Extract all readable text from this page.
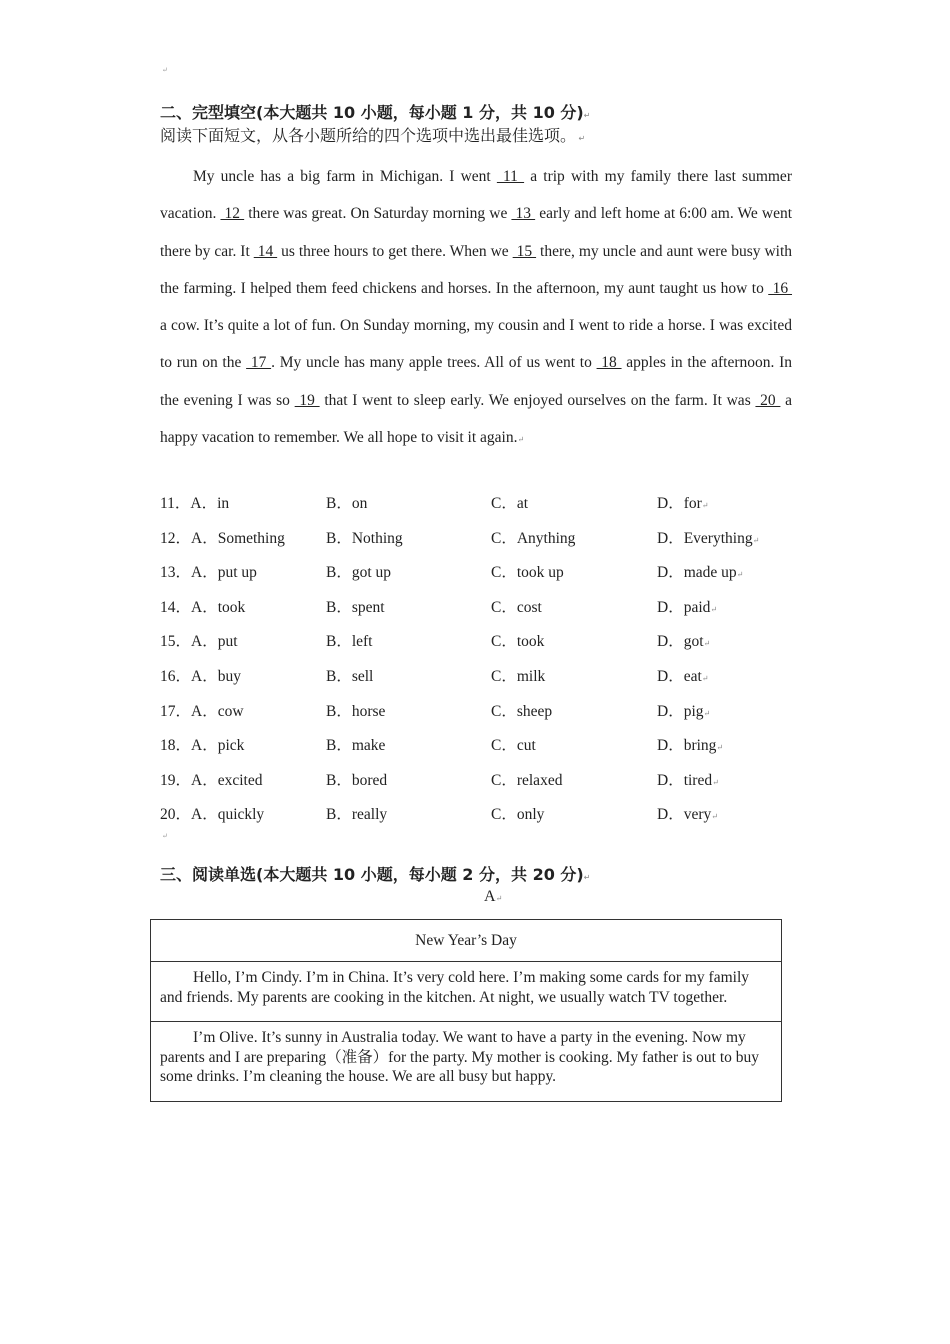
↵
二、完型填空(本大题共 10 小题，每小题 1 分，共 10 分)↵
阅读下面短文，从各小题所给的四个选项中选出最佳选项。 ↵

My uncle has a big farm in Michigan. I went  11  a trip with my family there last summer vacation.  12  there was great. On Saturday morning we  13  early and left home at 6:00 am. We went there by car. It  14  us three hours to get there. When we  15  there, my uncle and aunt were busy with the farming. I helped them feed chickens and horses. In the afternoon, my aunt taught us how to  16  a cow. It’s quite a lot of fun. On Sunday morning, my cousin and I went to ride a horse. I was excited to run on the  17 . My uncle has many apple trees. All of us went to  18  apples in the afternoon. In the evening I was so  19  that I went to sleep early. We enjoyed ourselves on the farm. It was  20  a happy vacation to remember. We all hope to visit it again.↵

11．A．in	B．on	C．at	D．for↵
12．A．Something	B．Nothing	C．Anything	D．Everything↵
13．A．put up	B．got up	C．took up	D．made up↵
14．A．took	B．spent	C．cost	D．paid↵
15．A．put	B．left	C．took	D．got↵
16．A．buy	B．sell	C．milk	D．eat↵
17．A．cow	B．horse	C．sheep	D．pig↵
18．A．pick	B．make	C．cut	D．bring↵
19．A．excited	B．bored	C．relaxed	D．tired↵
20．A．quickly	B．really	C．only	D．very↵
↵
三、阅读单选(本大题共 10 小题，每小题 2 分，共 20 分)↵
A↵
New Year’s Day

Hello, I’m Cindy. I’m in China. It’s very cold here. I’m making some cards for my family and friends. My parents are cooking in the kitchen. At night, we usually watch TV together.

I’m Olive. It’s sunny in Australia today. We want to have a party in the evening. Now my parents and I are preparing（准备）for the party. My mother is cooking. My father is out to buy some drinks. I’m cleaning the house. We are all busy but happy.
